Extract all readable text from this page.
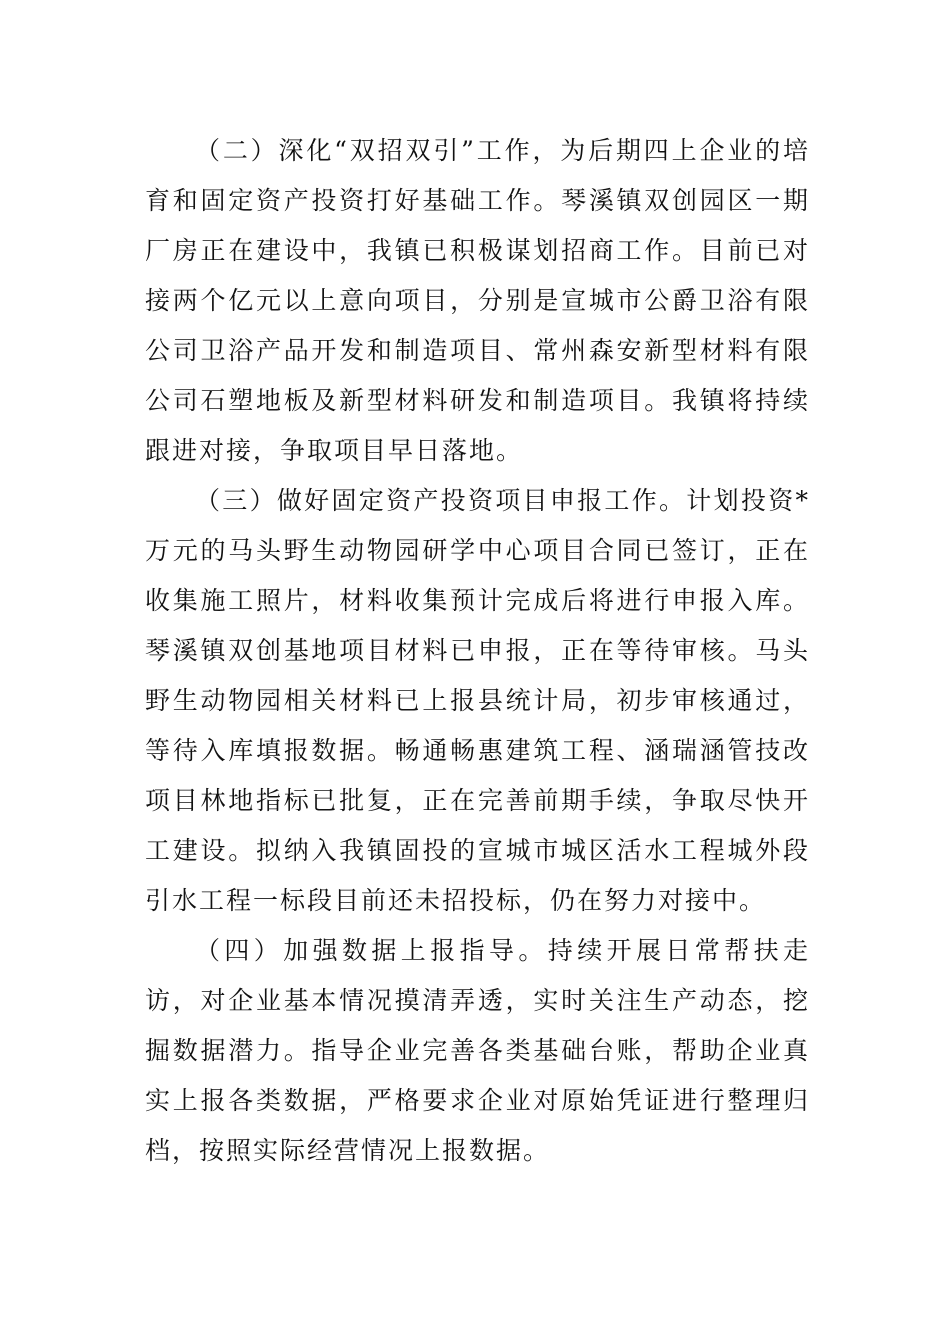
（二）深化“双招双引”工作，为后期四上企业的培育和固定资产投资打好基础工作。琴溪镇双创园区一期厂房正在建设中，我镇已积极谋划招商工作。目前已对接两个亿元以上意向项目，分别是宣城市公爵卫浴有限公司卫浴产品开发和制造项目、常州森安新型材料有限公司石塑地板及新型材料研发和制造项目。我镇将持续跟进对接，争取项目早日落地。

（三）做好固定资产投资项目申报工作。计划投资*万元的马头野生动物园研学中心项目合同已签订，正在收集施工照片，材料收集预计完成后将进行申报入库。琴溪镇双创基地项目材料已申报，正在等待审核。马头野生动物园相关材料已上报县统计局，初步审核通过，等待入库填报数据。畅通畅惠建筑工程、涵瑞涵管技改项目林地指标已批复，正在完善前期手续，争取尽快开工建设。拟纳入我镇固投的宣城市城区活水工程城外段引水工程一标段目前还未招投标，仍在努力对接中。

（四）加强数据上报指导。持续开展日常帮扶走访，对企业基本情况摸清弄透，实时关注生产动态，挖掘数据潜力。指导企业完善各类基础台账，帮助企业真实上报各类数据，严格要求企业对原始凭证进行整理归档，按照实际经营情况上报数据。
